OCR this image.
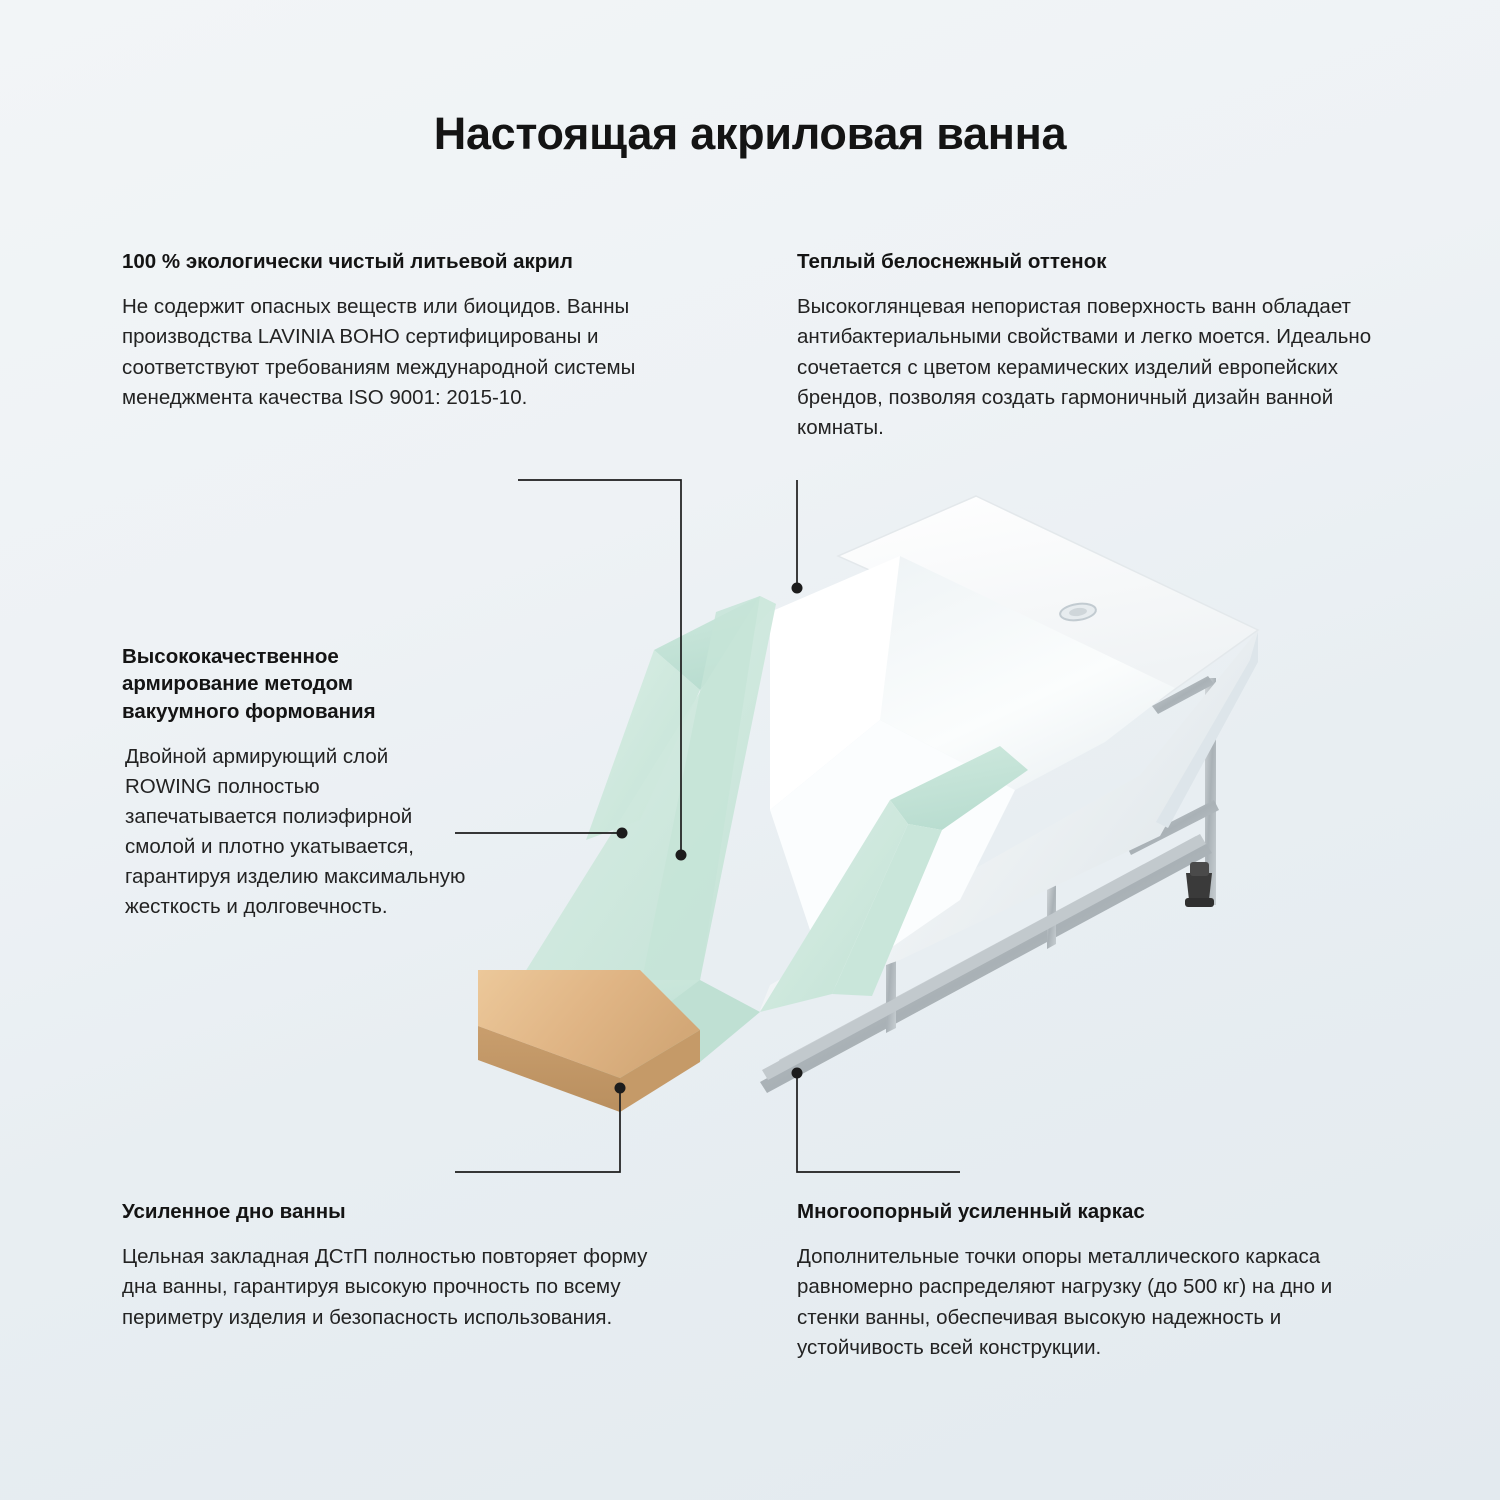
Настоящая акриловая ванна
100 % экологически чистый литьевой акрил
Не содержит опасных веществ или биоцидов. Ванны производства LAVINIA BOHO сертифицированы и соответствуют требованиям международной системы менеджмента качества ISO 9001: 2015-10.
Теплый белоснежный оттенок
Высокоглянцевая непористая поверхность ванн обладает антибактериальными свойствами и легко моется. Идеально сочетается с цветом керамических изделий европейских брендов, позволяя создать гармоничный дизайн ванной комнаты.
Высококачественное армирование методом вакуумного формования
Двойной армирующий слой ROWING полностью запечатывается полиэфирной смолой и плотно укатывается, гарантируя изделию максимальную жесткость и долговечность.
Усиленное дно ванны
Цельная закладная ДСтП полностью повторяет форму дна ванны, гарантируя высокую прочность по всему периметру изделия и безопасность использования.
Многоопорный усиленный каркас
Дополнительные точки опоры металлического каркаса равномерно распределяют нагрузку (до 500 кг) на дно и стенки ванны, обеспечивая высокую надежность и устойчивость всей конструкции.
